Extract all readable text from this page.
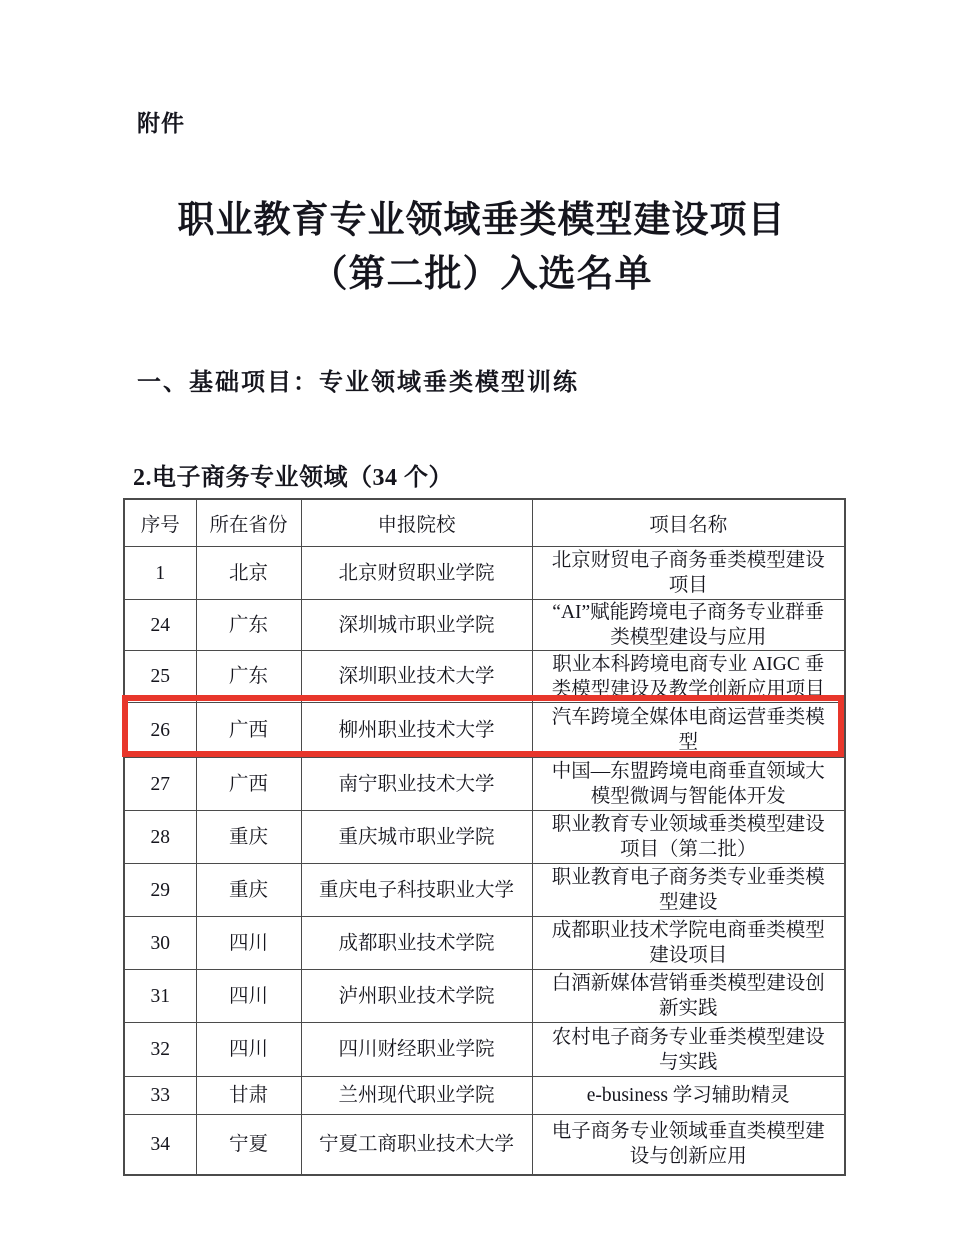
附件
职业教育专业领域垂类模型建设项目
（第二批）入选名单
一、基础项目：专业领域垂类模型训练
2.电子商务专业领域（34 个）
序号	所在省份	申报院校	项目名称
1	北京	北京财贸职业学院	北京财贸电子商务垂类模型建设项目
24	广东	深圳城市职业学院	“AI”赋能跨境电子商务专业群垂类模型建设与应用
25	广东	深圳职业技术大学	职业本科跨境电商专业 AIGC 垂类模型建设及教学创新应用项目
26	广西	柳州职业技术大学	汽车跨境全媒体电商运营垂类模型
27	广西	南宁职业技术大学	中国—东盟跨境电商垂直领域大模型微调与智能体开发
28	重庆	重庆城市职业学院	职业教育专业领域垂类模型建设项目（第二批）
29	重庆	重庆电子科技职业大学	职业教育电子商务类专业垂类模型建设
30	四川	成都职业技术学院	成都职业技术学院电商垂类模型建设项目
31	四川	泸州职业技术学院	白酒新媒体营销垂类模型建设创新实践
32	四川	四川财经职业学院	农村电子商务专业垂类模型建设与实践
33	甘肃	兰州现代职业学院	e-business 学习辅助精灵
34	宁夏	宁夏工商职业技术大学	电子商务专业领域垂直类模型建设与创新应用
